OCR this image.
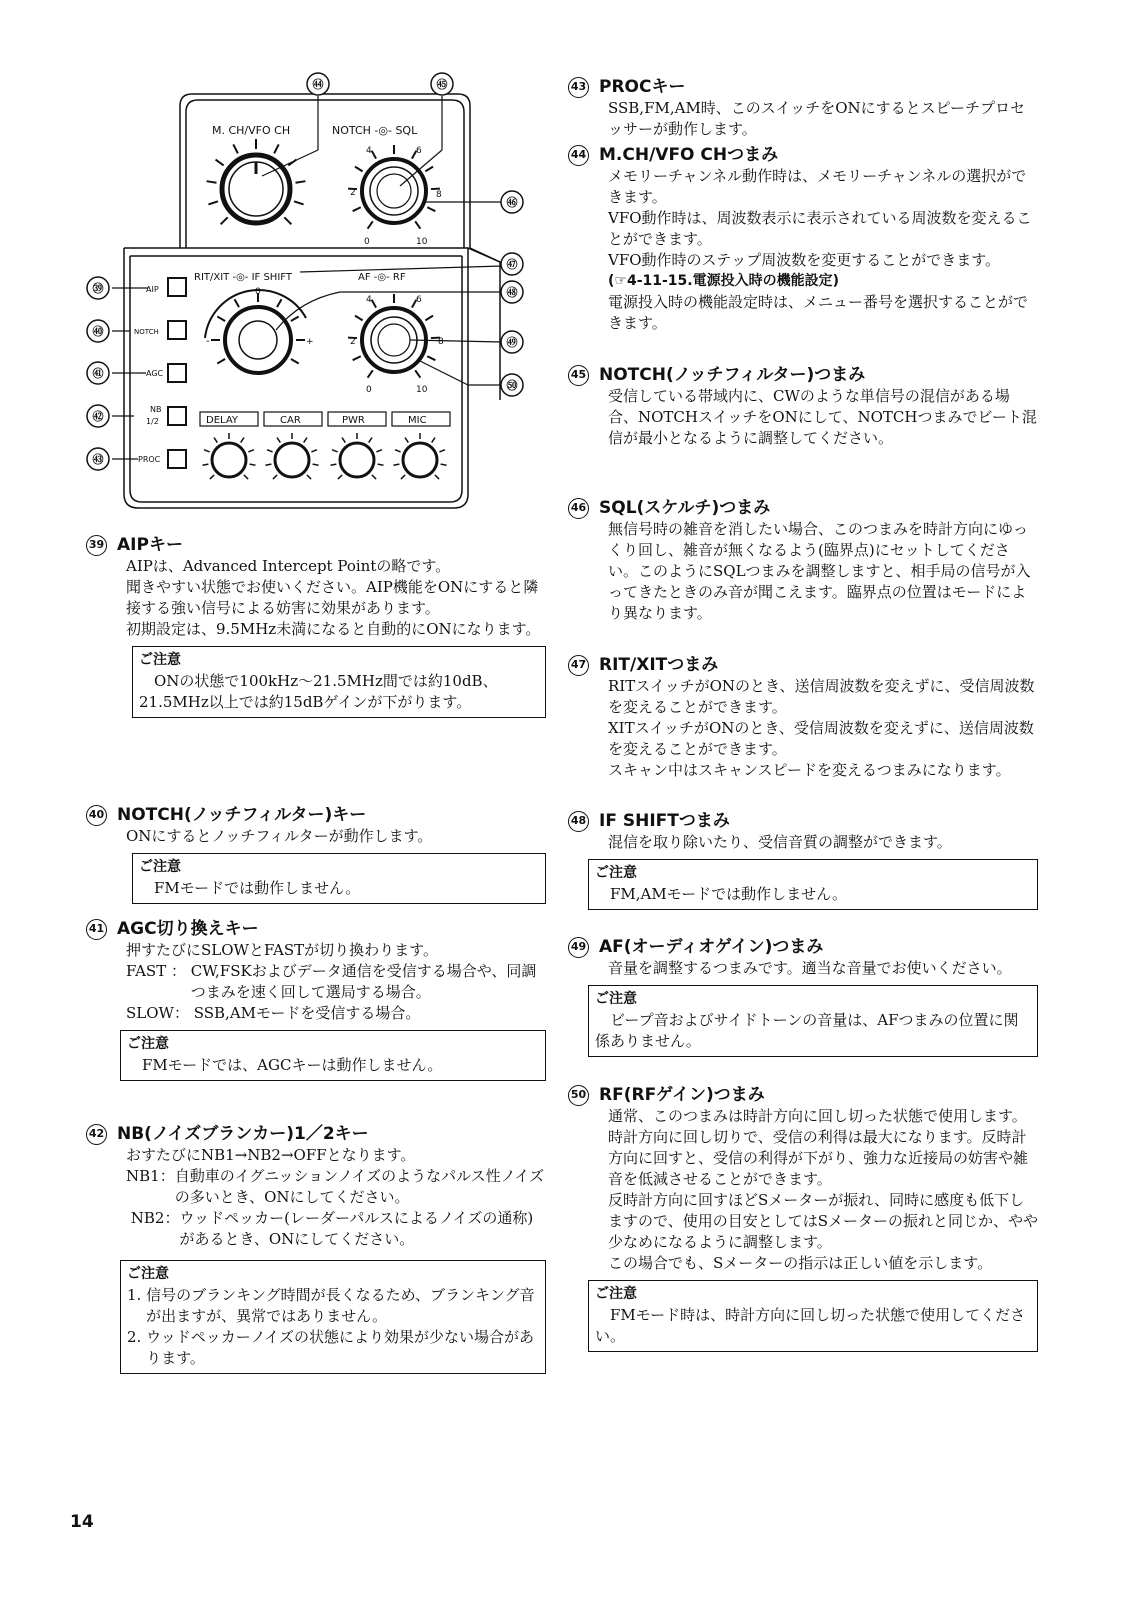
M. CH/VFO CH	NOTCH -◎- SQL
RIT/XIT -◎- IF SHIFT	AF -◎- RF
AIP
NOTCH
AGC
NB
1/2
PROC
DELAY	CAR	PWR	MIC
4	6
2	8
0	10
0
-	+
4	6
2	8
0	10
㊹	㊺
㊻
㊼
㊽
㊾
㊿
㊴
㊵
㊶
㊷
㊸
39 AIPキー

AIPは、Advanced Intercept Pointの略です。

聞きやすい状態でお使いください。AIP機能をONにすると隣接する強い信号による妨害に効果があります。

初期設定は、9.5MHz未満になると自動的にONになります。

ご注意
ONの状態で100kHz～21.5MHz間では約10dB、21.5MHz以上では約15dBゲインが下がります。
40 NOTCH(ノッチフィルター)キー

ONにするとノッチフィルターが動作します。

ご注意
FMモードでは動作しません。
41 AGC切り換えキー

押すたびにSLOWとFASTが切り換わります。

FAST ： CW,FSKおよびデータ通信を受信する場合や、同調つまみを速く回して選局する場合。
SLOW： SSB,AMモードを受信する場合。
ご注意
FMモードでは、AGCキーは動作しません。
42 NB(ノイズブランカー)1／2キー

おすたびにNB1→NB2→OFFとなります。

NB1： 自動車のイグニッションノイズのようなパルス性ノイズの多いとき、ONにしてください。
NB2： ウッドペッカー(レーダーパルスによるノイズの通称)があるとき、ONにしてください。
ご注意
1. 信号のブランキング時間が長くなるため、ブランキング音が出ますが、異常ではありません。
2. ウッドペッカーノイズの状態により効果が少ない場合があります。
43 PROCキー

SSB,FM,AM時、このスイッチをONにするとスピーチプロセッサーが動作します。

44 M.CH/VFO CHつまみ

メモリーチャンネル動作時は、メモリーチャンネルの選択ができます。

VFO動作時は、周波数表示に表示されている周波数を変えることができます。

VFO動作時のステップ周波数を変更することができます。

(☞4-11-15.電源投入時の機能設定)

電源投入時の機能設定時は、メニュー番号を選択することができます。

45 NOTCH(ノッチフィルター)つまみ

受信している帯域内に、CWのような単信号の混信がある場合、NOTCHスイッチをONにして、NOTCHつまみでビート混信が最小となるように調整してください。

46 SQL(スケルチ)つまみ

無信号時の雑音を消したい場合、このつまみを時計方向にゆっくり回し、雑音が無くなるよう(臨界点)にセットしてください。このようにSQLつまみを調整しますと、相手局の信号が入ってきたときのみ音が聞こえます。臨界点の位置はモードにより異なります。

47 RIT/XITつまみ

RITスイッチがONのとき、送信周波数を変えずに、受信周波数を変えることができます。

XITスイッチがONのとき、受信周波数を変えずに、送信周波数を変えることができます。

スキャン中はスキャンスピードを変えるつまみになります。

48 IF SHIFTつまみ

混信を取り除いたり、受信音質の調整ができます。

ご注意
FM,AMモードでは動作しません。
49 AF(オーディオゲイン)つまみ

音量を調整するつまみです。適当な音量でお使いください。

ご注意
ビープ音およびサイドトーンの音量は、AFつまみの位置に関係ありません。
50 RF(RFゲイン)つまみ

通常、このつまみは時計方向に回し切った状態で使用します。

時計方向に回し切りで、受信の利得は最大になります。反時計方向に回すと、受信の利得が下がり、強力な近接局の妨害や雑音を低減させることができます。

反時計方向に回すほどSメーターが振れ、同時に感度も低下しますので、使用の目安としてはSメーターの振れと同じか、やや少なめになるように調整します。

この場合でも、Sメーターの指示は正しい値を示します。

ご注意
FMモード時は、時計方向に回し切った状態で使用してください。
14
